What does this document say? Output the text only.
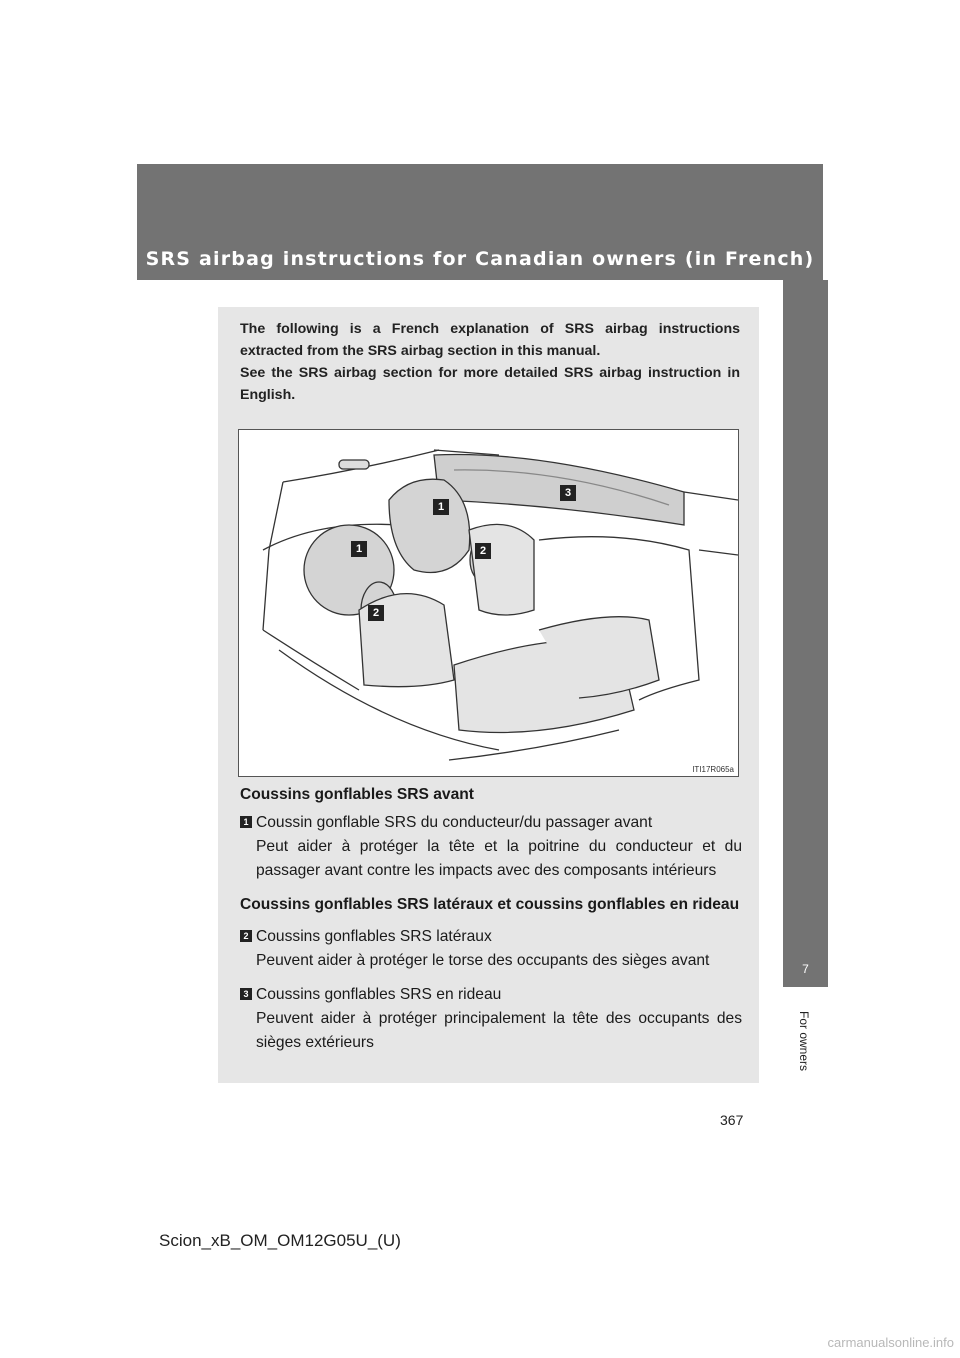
SRS airbag instructions for Canadian owners (in French)
7
For owners

The following is a French explanation of SRS airbag instructions extracted from the SRS airbag section in this manual.

See the SRS airbag section for more detailed SRS airbag instruction in English.

1
1	2
2
3
ITI17R065a
Coussins gonflables SRS avant
1 Coussin gonflable SRS du conducteur/du passager avant
Peut aider à protéger la tête et la poitrine du conducteur et du passager avant contre les impacts avec des composants intérieurs
Coussins gonflables SRS latéraux et coussins gonflables en rideau
2 Coussins gonflables SRS latéraux
Peuvent aider à protéger le torse des occupants des sièges avant
3 Coussins gonflables SRS en rideau
Peuvent aider à protéger principalement la tête des occupants des sièges extérieurs
367
Scion_xB_OM_OM12G05U_(U)
carmanualsonline.info
